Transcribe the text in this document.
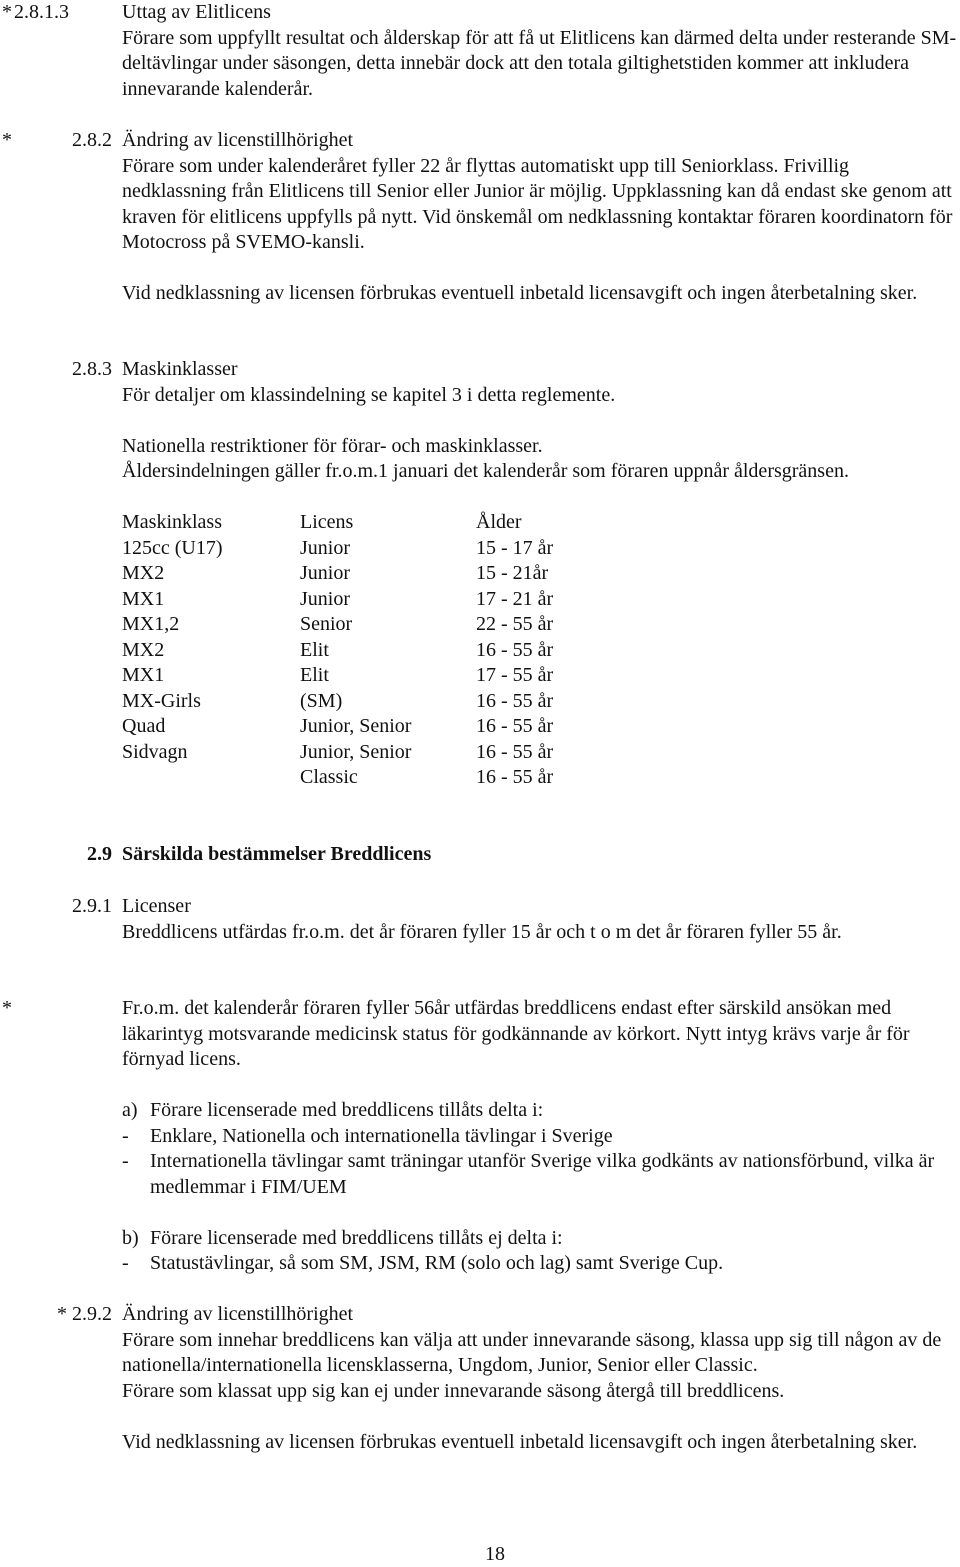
* 2.8.1.3	Uttag av Elitlicens

Förare som uppfyllt resultat och ålderskap för att få ut Elitlicens kan därmed delta under resterande SM-deltävlingar under säsongen, detta innebär dock att den totala giltighetstiden kommer att inkludera innevarande kalenderår.

*	2.8.2 Ändring av licenstillhörighet

Förare som under kalenderåret fyller 22 år flyttas automatiskt upp till Seniorklass. Frivillig nedklassning från Elitlicens till Senior eller Junior är möjlig. Uppklassning kan då endast ske genom att kraven för elitlicens uppfylls på nytt. Vid önskemål om nedklassning kontaktar föraren koordinatorn för Motocross på SVEMO-kansli.

Vid nedklassning av licensen förbrukas eventuell inbetald licensavgift och ingen återbetalning sker.

2.8.3 Maskinklasser

För detaljer om klassindelning se kapitel 3 i detta reglemente.

Nationella restriktioner för förar- och maskinklasser.

Åldersindelningen gäller fr.o.m.1 januari det kalenderår som föraren uppnår åldersgränsen.

Maskinklass	Licens	Ålder
125cc (U17)	Junior	15 - 17 år
MX2	Junior	15 - 21år
MX1	Junior	17 - 21 år
MX1,2	Senior	22 - 55 år
MX2	Elit	16 - 55 år
MX1	Elit	17 - 55 år
MX-Girls	(SM)	16 - 55 år
Quad	Junior, Senior	16 - 55 år
Sidvagn	Junior, Senior	16 - 55 år
	Classic	16 - 55 år
2.9 Särskilda bestämmelser Breddlicens

2.9.1 Licenser

Breddlicens utfärdas fr.o.m. det år föraren fyller 15 år och t o m det år föraren fyller 55 år.

*	Fr.o.m. det kalenderår föraren fyller 56år utfärdas breddlicens endast efter särskild ansökan med läkarintyg motsvarande medicinsk status för godkännande av körkort. Nytt intyg krävs varje år för förnyad licens.

a) Förare licenserade med breddlicens tillåts delta i:
- Enklare, Nationella och internationella tävlingar i Sverige
- Internationella tävlingar samt träningar utanför Sverige vilka godkänts av nationsförbund, vilka är medlemmar i FIM/UEM
b) Förare licenserade med breddlicens tillåts ej delta i:
- Statustävlingar, så som SM, JSM, RM (solo och lag) samt Sverige Cup.
* 2.9.2 Ändring av licenstillhörighet

Förare som innehar breddlicens kan välja att under innevarande säsong, klassa upp sig till någon av de nationella/internationella licensklasserna, Ungdom, Junior, Senior eller Classic.

Förare som klassat upp sig kan ej under innevarande säsong återgå till breddlicens.

Vid nedklassning av licensen förbrukas eventuell inbetald licensavgift och ingen återbetalning sker.

18
